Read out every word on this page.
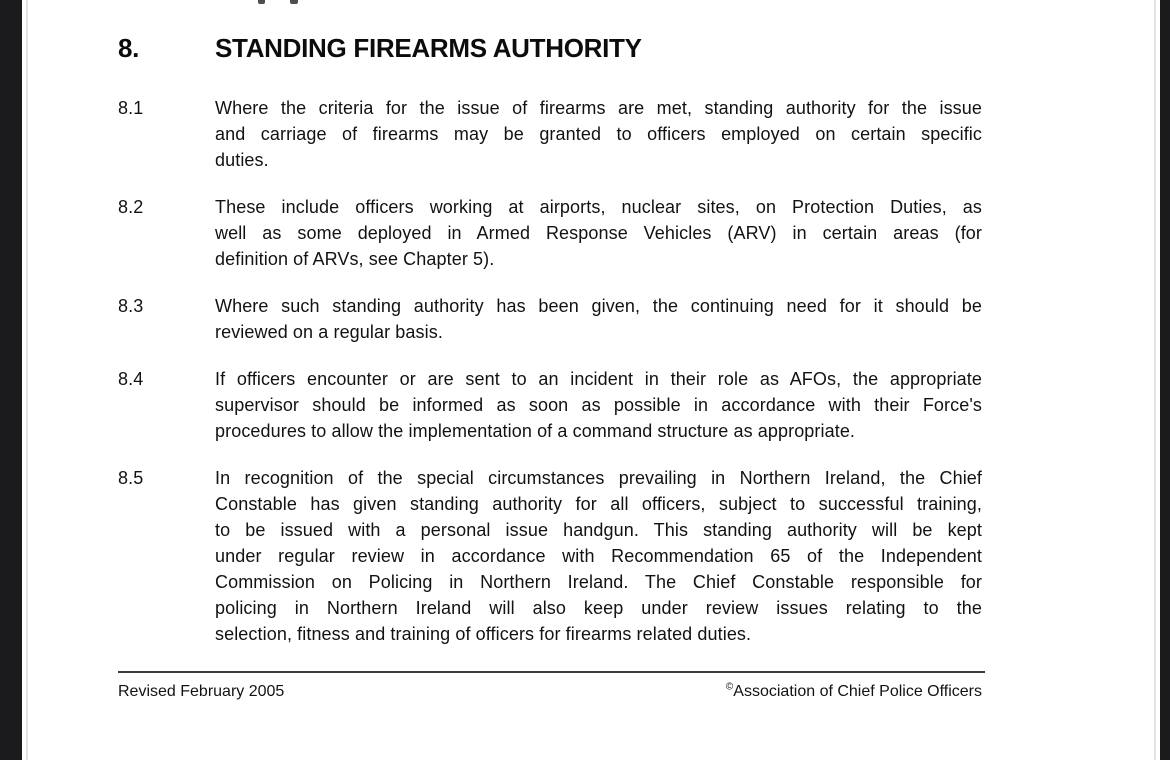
8.	STANDING FIREARMS AUTHORITY
8.1	Where the criteria for the issue of firearms are met, standing authority for the issue
and carriage of firearms may be granted to officers employed on certain specific
duties.
8.2	These include officers working at airports, nuclear sites, on Protection Duties, as
well as some deployed in Armed Response Vehicles (ARV) in certain areas (for
definition of ARVs, see Chapter 5).
8.3	Where such standing authority has been given, the continuing need for it should be
reviewed on a regular basis.
8.4	If officers encounter or are sent to an incident in their role as AFOs, the appropriate
supervisor should be informed as soon as possible in accordance with their Force's
procedures to allow the implementation of a command structure as appropriate.
8.5	In recognition of the special circumstances prevailing in Northern Ireland, the Chief
Constable has given standing authority for all officers, subject to successful training,
to be issued with a personal issue handgun. This standing authority will be kept
under regular review in accordance with Recommendation 65 of the Independent
Commission on Policing in Northern Ireland. The Chief Constable responsible for
policing in Northern Ireland will also keep under review issues relating to the
selection, fitness and training of officers for firearms related duties.
Revised February 2005	©Association of Chief Police Officers
